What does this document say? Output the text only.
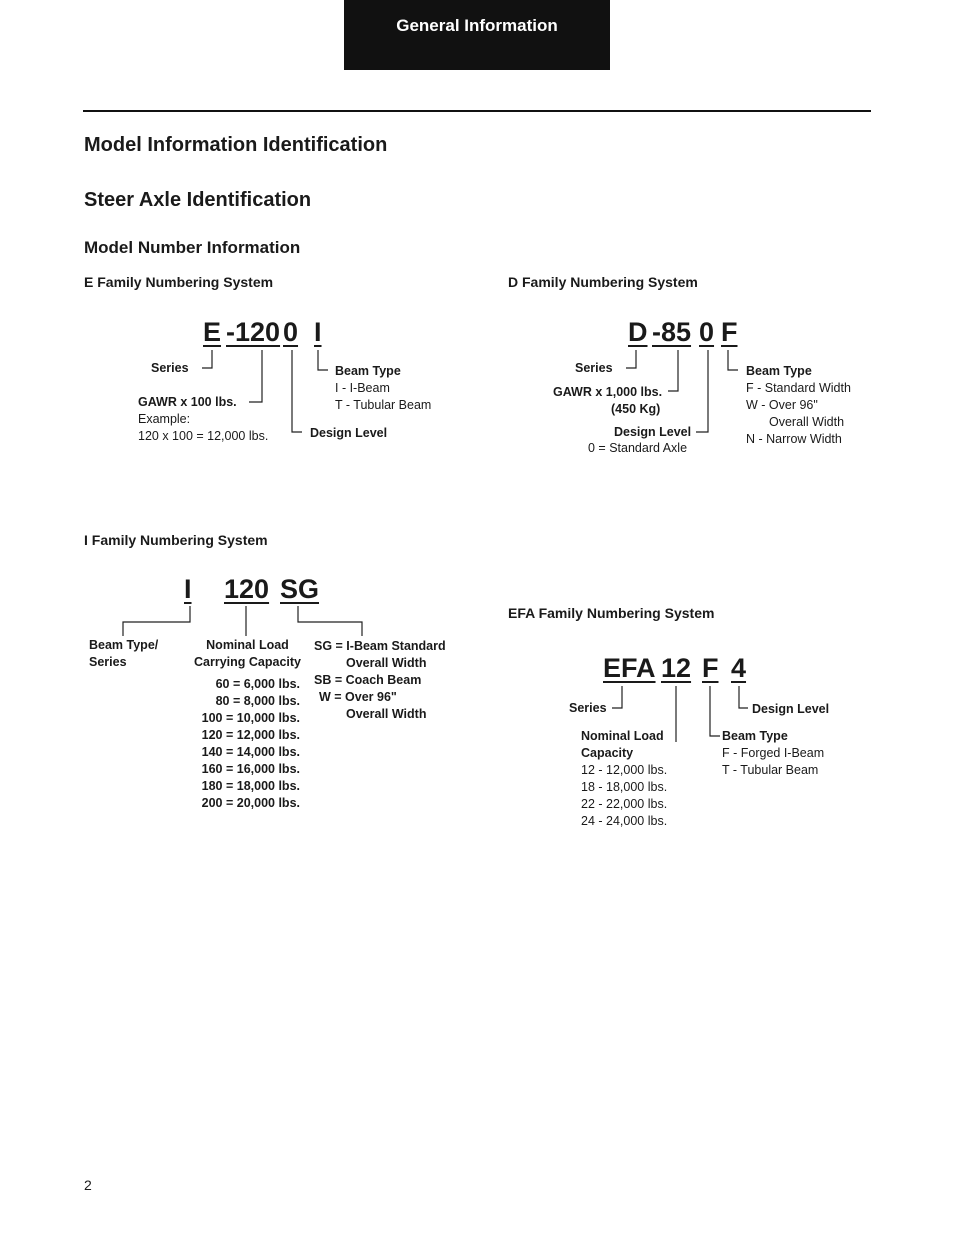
General Information
Model Information Identification
Steer Axle Identification
Model Number Information
E Family Numbering System
E -120 0 I
Series
GAWR x 100 lbs.
Example:
120 x 100 = 12,000 lbs.
Beam Type
I - I-Beam
T - Tubular Beam
Design Level
D Family Numbering System
D -85 0 F
Series
GAWR x 1,000 lbs.
(450 Kg)
Design Level
0 = Standard Axle
Beam Type
F - Standard Width
W - Over 96"
Overall Width
N - Narrow Width
I Family Numbering System
I 120 SG
Beam Type/
Series
Nominal Load
Carrying Capacity
60 = 6,000 lbs.
80 = 8,000 lbs.
100 = 10,000 lbs.
120 = 12,000 lbs.
140 = 14,000 lbs.
160 = 16,000 lbs.
180 = 18,000 lbs.
200 = 20,000 lbs.
SG = I-Beam Standard
Overall Width
SB = Coach Beam
W = Over 96"
Overall Width
EFA Family Numbering System
EFA 12 F 4
Series	Design Level
Nominal Load
Capacity
12 - 12,000 lbs.
18 - 18,000 lbs.
22 - 22,000 lbs.
24 - 24,000 lbs.
Beam Type
F - Forged I-Beam
T - Tubular Beam
2
